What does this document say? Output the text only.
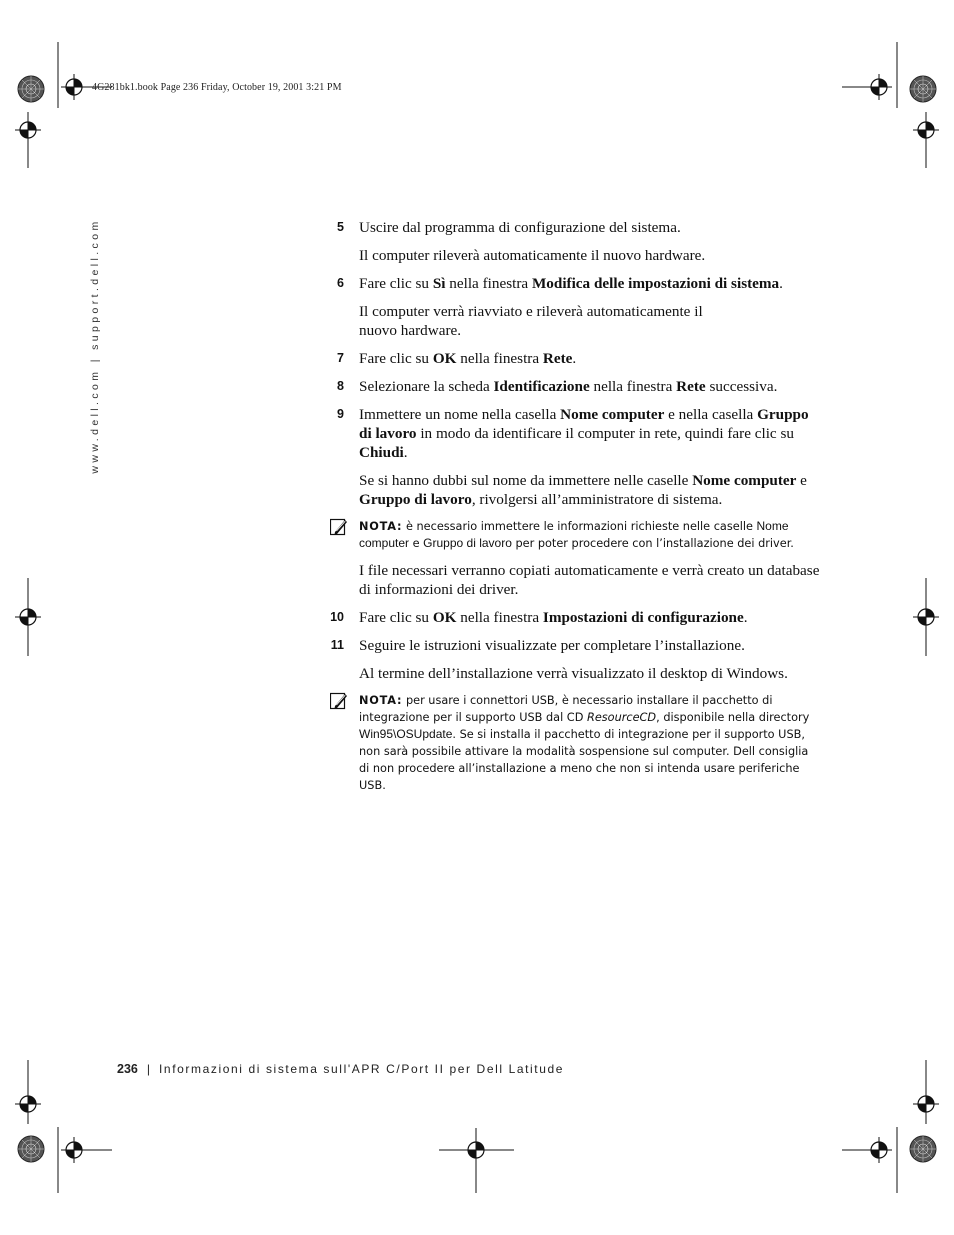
4G281bk1.book Page 236 Friday, October 19, 2001 3:21 PM
www.dell.com | support.dell.com	5 Uscire dal programma di configurazione del sistema.
Il computer rileverà automaticamente il nuovo hardware.
6 Fare clic su Sì nella finestra Modifica delle impostazioni di sistema.
Il computer verrà riavviato e rileverà automaticamente il nuovo hardware.
7 Fare clic su OK nella finestra Rete.
8 Selezionare la scheda Identificazione nella finestra Rete successiva.
9 Immettere un nome nella casella Nome computer e nella casella Gruppo di lavoro in modo da identificare il computer in rete, quindi fare clic su Chiudi.
Se si hanno dubbi sul nome da immettere nelle caselle Nome computer e Gruppo di lavoro, rivolgersi all’amministratore di sistema.
NOTA: è necessario immettere le informazioni richieste nelle caselle Nome computer e Gruppo di lavoro per poter procedere con l’installazione dei driver.
I file necessari verranno copiati automaticamente e verrà creato un database di informazioni dei driver.
10 Fare clic su OK nella finestra Impostazioni di configurazione.
11 Seguire le istruzioni visualizzate per completare l’installazione.
Al termine dell’installazione verrà visualizzato il desktop di Windows.
NOTA: per usare i connettori USB, è necessario installare il pacchetto di integrazione per il supporto USB dal CD ResourceCD, disponibile nella directory Win95\OSUpdate. Se si installa il pacchetto di integrazione per il supporto USB, non sarà possibile attivare la modalità sospensione sul computer. Dell consiglia di non procedere all’installazione a meno che non si intenda usare periferiche USB.
236 | Informazioni di sistema sull'APR C/Port II per Dell Latitude
